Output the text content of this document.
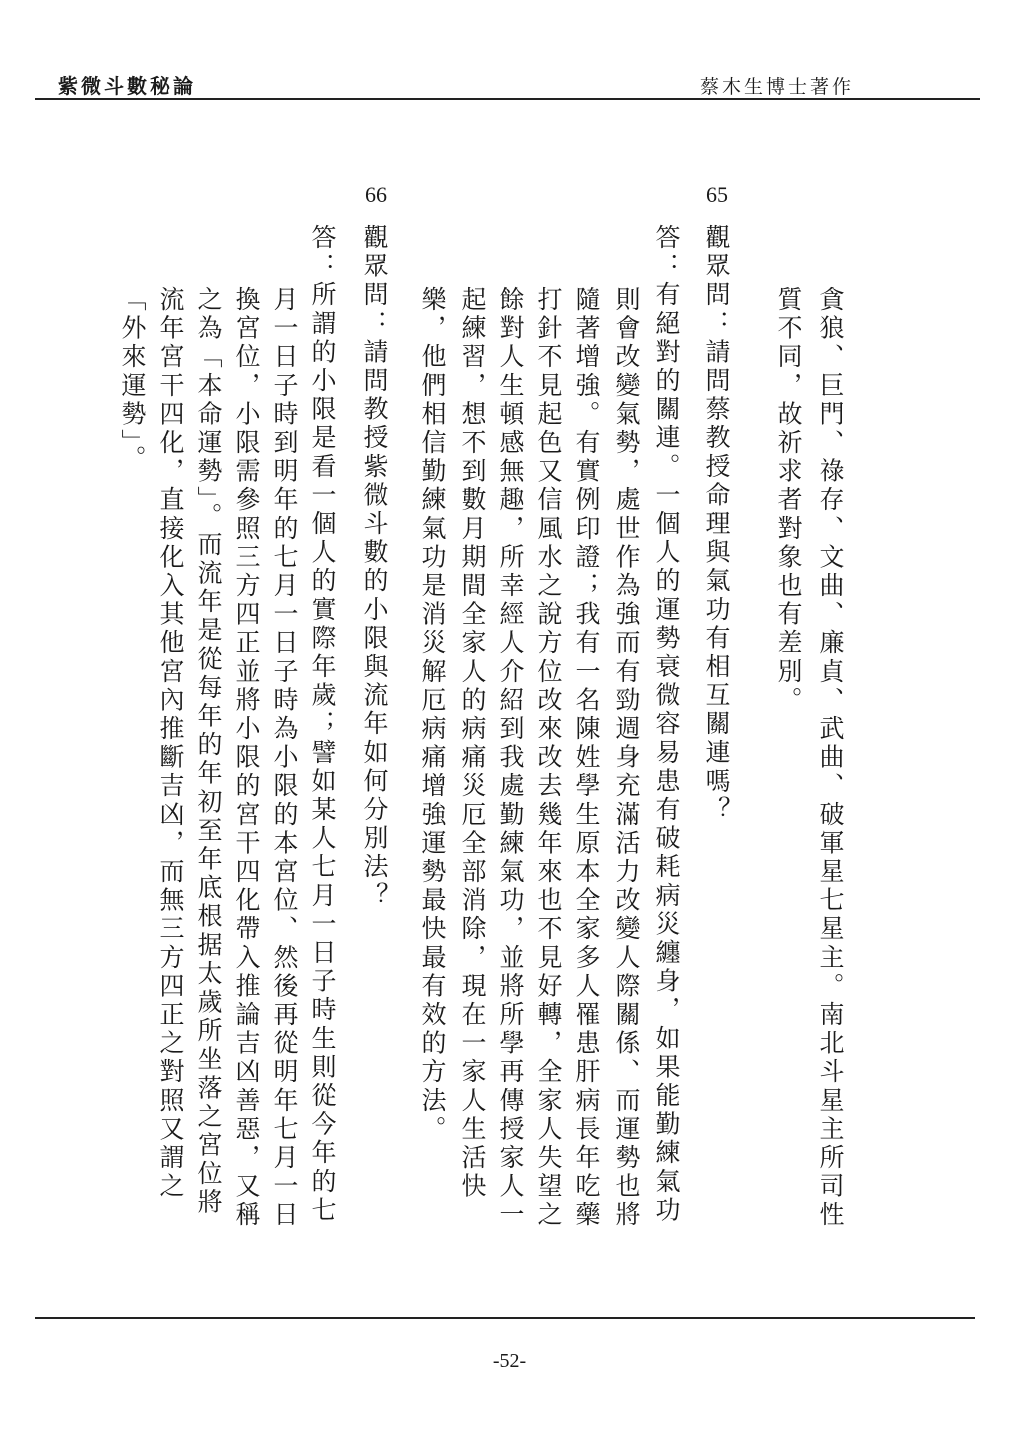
紫微斗數秘論	蔡木生博士著作
65
66
貪狼、巨門、祿存、文曲、廉貞、武曲、破軍星七星主。南北斗星主所司性
質不同，故祈求者對象也有差別。
觀眾問：請問蔡教授命理與氣功有相互關連嗎？
答：有絕對的關連。一個人的運勢衰微容易患有破耗病災纏身，如果能勤練氣功
則會改變氣勢，處世作為強而有勁週身充滿活力改變人際關係、而運勢也將
隨著增強。有實例印證；我有一名陳姓學生原本全家多人罹患肝病長年吃藥
打針不見起色又信風水之說方位改來改去幾年來也不見好轉，全家人失望之
餘對人生頓感無趣，所幸經人介紹到我處勤練氣功，並將所學再傳授家人一
起練習，想不到數月期間全家人的病痛災厄全部消除，現在一家人生活快
樂，他們相信勤練氣功是消災解厄病痛增強運勢最快最有效的方法。
觀眾問：請問教授紫微斗數的小限與流年如何分別法？
答：所謂的小限是看一個人的實際年歲；譬如某人七月一日子時生則從今年的七
月一日子時到明年的七月一日子時為小限的本宮位、然後再從明年七月一日
換宮位，小限需參照三方四正並將小限的宮干四化帶入推論吉凶善惡，又稱
之為「本命運勢」。而流年是從每年的年初至年底根据太歲所坐落之宮位將
流年宮干四化，直接化入其他宮內推斷吉凶，而無三方四正之對照又謂之
「外來運勢」。
-52-
